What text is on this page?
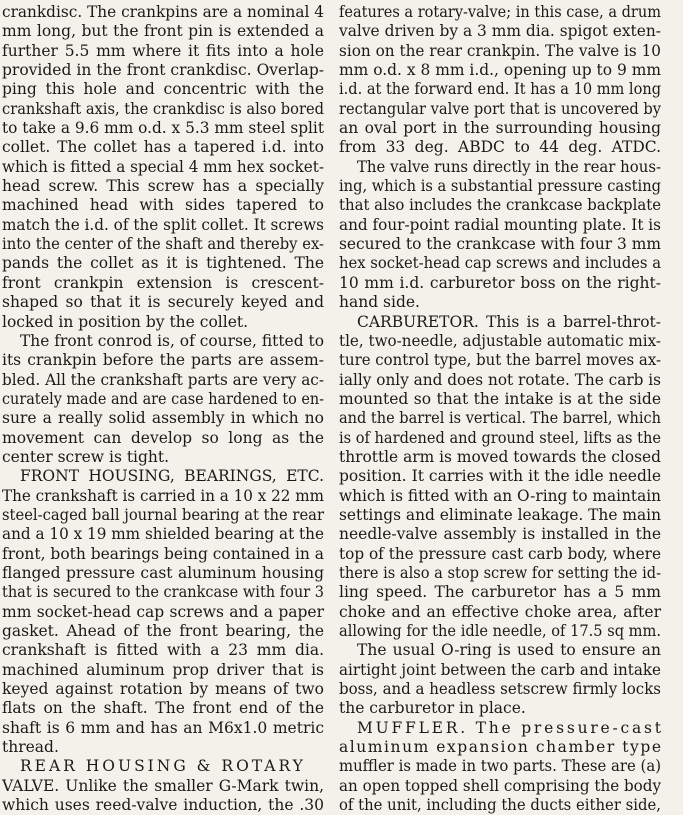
crankdisc. The crankpins are a nominal 4
mm long, but the front pin is extended a
further 5.5 mm where it fits into a hole
provided in the front crankdisc. Overlap-
ping this hole and concentric with the
crankshaft axis, the crankdisc is also bored
to take a 9.6 mm o.d. x 5.3 mm steel split
collet. The collet has a tapered i.d. into
which is fitted a special 4 mm hex socket-
head screw. This screw has a specially
machined head with sides tapered to
match the i.d. of the split collet. It screws
into the center of the shaft and thereby ex-
pands the collet as it is tightened. The
front crankpin extension is crescent-
shaped so that it is securely keyed and
locked in position by the collet.
The front conrod is, of course, fitted to
its crankpin before the parts are assem-
bled. All the crankshaft parts are very ac-
curately made and are case hardened to en-
sure a really solid assembly in which no
movement can develop so long as the
center screw is tight.
FRONT HOUSING, BEARINGS, ETC.
The crankshaft is carried in a 10 x 22 mm
steel-caged ball journal bearing at the rear
and a 10 x 19 mm shielded bearing at the
front, both bearings being contained in a
flanged pressure cast aluminum housing
that is secured to the crankcase with four 3
mm socket-head cap screws and a paper
gasket. Ahead of the front bearing, the
crankshaft is fitted with a 23 mm dia.
machined aluminum prop driver that is
keyed against rotation by means of two
flats on the shaft. The front end of the
shaft is 6 mm and has an M6x1.0 metric
thread.
REAR HOUSING & ROTARY
VALVE. Unlike the smaller G-Mark twin,
which uses reed-valve induction, the .30
features a rotary-valve; in this case, a drum
valve driven by a 3 mm dia. spigot exten-
sion on the rear crankpin. The valve is 10
mm o.d. x 8 mm i.d., opening up to 9 mm
i.d. at the forward end. It has a 10 mm long
rectangular valve port that is uncovered by
an oval port in the surrounding housing
from 33 deg. ABDC to 44 deg. ATDC.
The valve runs directly in the rear hous-
ing, which is a substantial pressure casting
that also includes the crankcase backplate
and four-point radial mounting plate. It is
secured to the crankcase with four 3 mm
hex socket-head cap screws and includes a
10 mm i.d. carburetor boss on the right-
hand side.
CARBURETOR. This is a barrel-throt-
tle, two-needle, adjustable automatic mix-
ture control type, but the barrel moves ax-
ially only and does not rotate. The carb is
mounted so that the intake is at the side
and the barrel is vertical. The barrel, which
is of hardened and ground steel, lifts as the
throttle arm is moved towards the closed
position. It carries with it the idle needle
which is fitted with an O-ring to maintain
settings and eliminate leakage. The main
needle-valve assembly is installed in the
top of the pressure cast carb body, where
there is also a stop screw for setting the id-
ling speed. The carburetor has a 5 mm
choke and an effective choke area, after
allowing for the idle needle, of 17.5 sq mm.
The usual O-ring is used to ensure an
airtight joint between the carb and intake
boss, and a headless setscrew firmly locks
the carburetor in place.
MUFFLER. The pressure-cast
aluminum expansion chamber type
muffler is made in two parts. These are (a)
an open topped shell comprising the body
of the unit, including the ducts either side,
